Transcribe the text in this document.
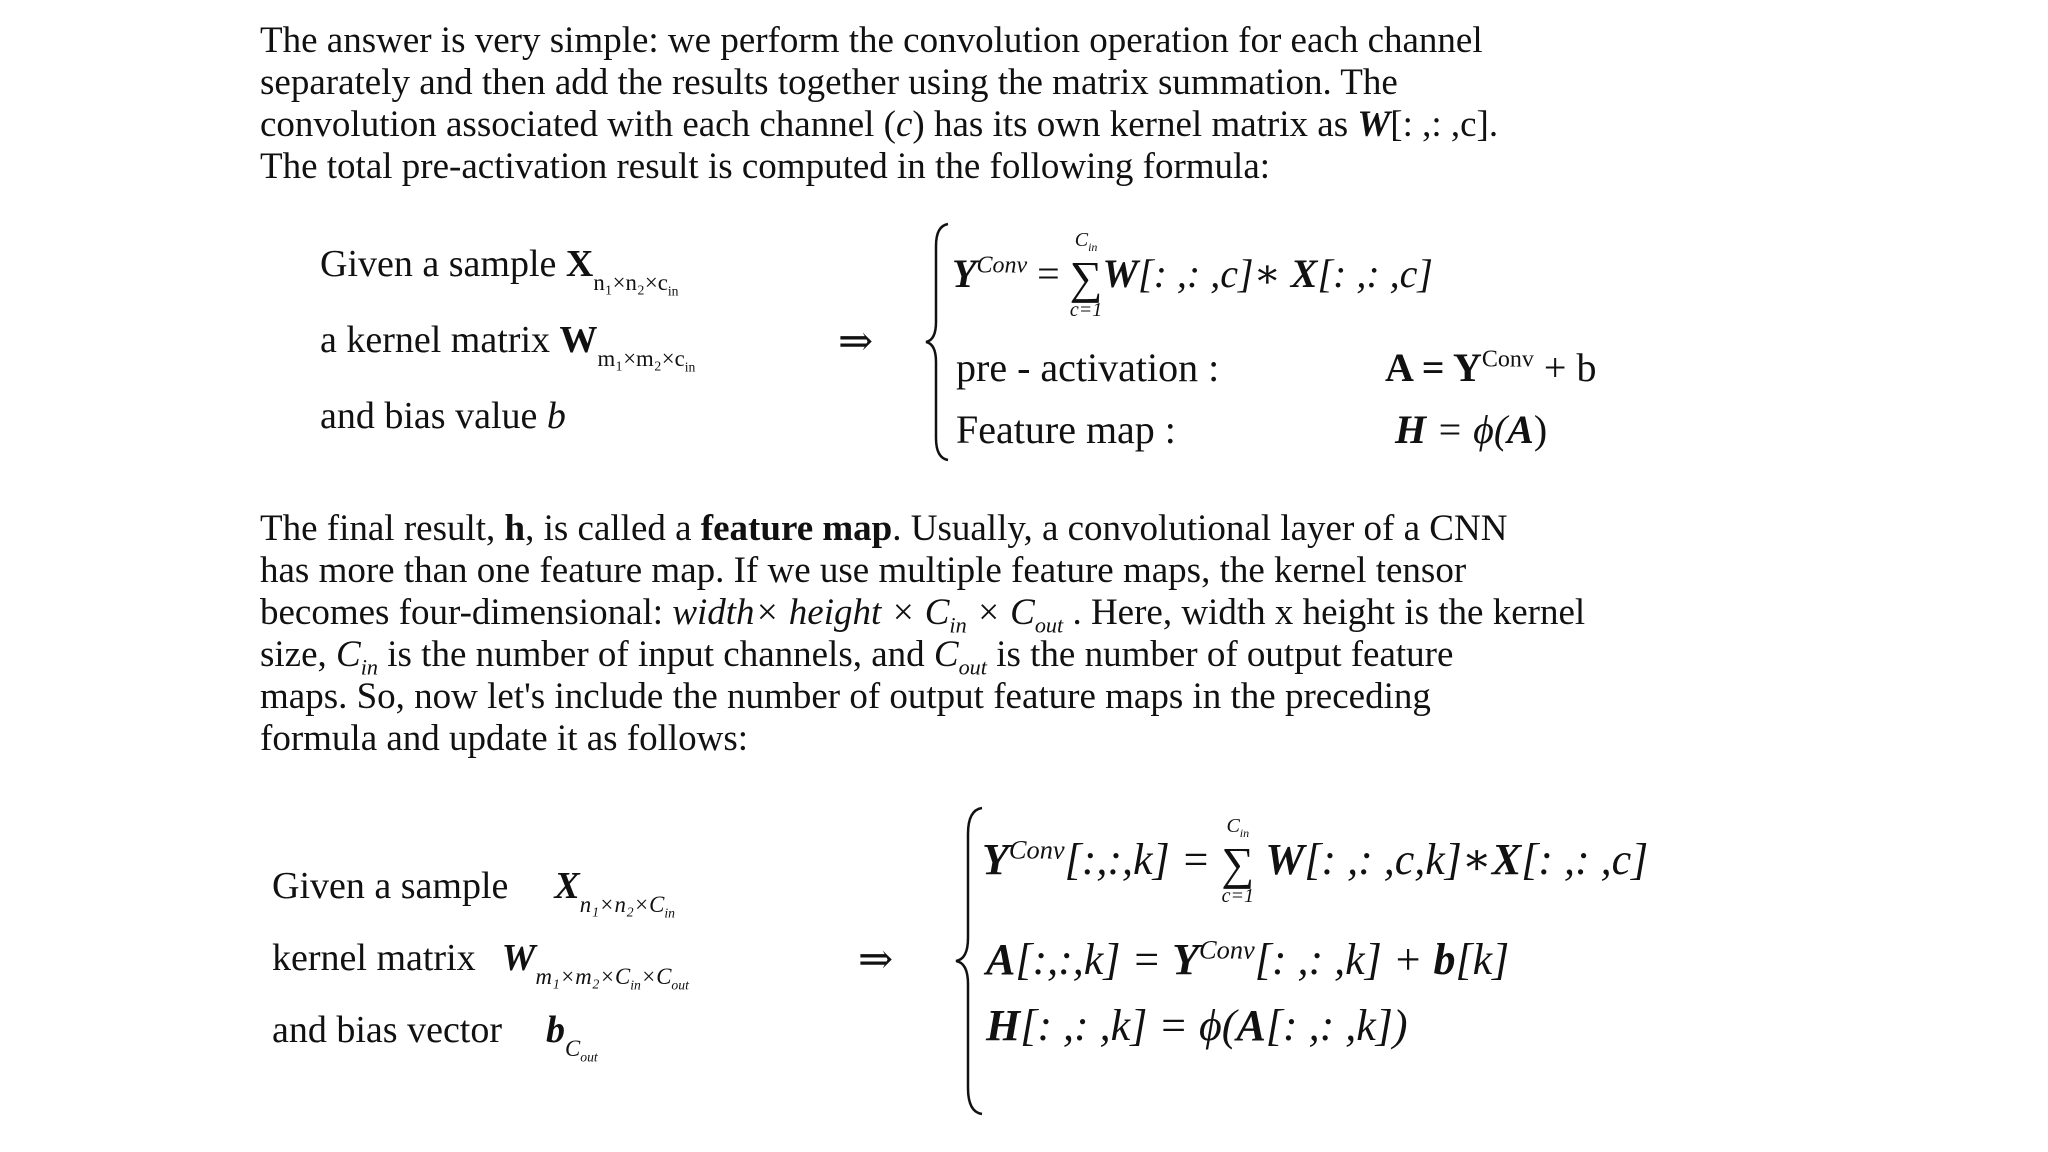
The answer is very simple: we perform the convolution operation for each channel
separately and then add the results together using the matrix summation. The
convolution associated with each channel (c) has its own kernel matrix as W[: ,: ,c].
The total pre-activation result is computed in the following formula:

Given a sample $X_{n_1\times n_2\times c_{in}}$
a kernel matrix $W_{m_1\times m_2\times c_{in}}$
and bias value b
⇒
$Y^{Conv}$ = ∑
$C_{in}$
c=1
W[: ,: ,c]∗ X[: ,: ,c]
pre - activation :	$A = Y^{Conv} + b$
Feature map :	H = ϕ(A)

The final result, h, is called a feature map. Usually, a convolutional layer of a CNN
has more than one feature map. If we use multiple feature maps, the kernel tensor
becomes four-dimensional: width× height × $C_{in} \times C_{out}$ . Here, width x height is the kernel
size, $C_{in}$ is the number of input channels, and $C_{out}$ is the number of output feature
maps. So, now let's include the number of output feature maps in the preceding
formula and update it as follows:

Given a sample $X_{n_1\times n_2\times C_{in}}$
kernel matrix $W_{m_1\times m_2\times C_{in}\times C_{out}}$
and bias vector $b_{C_{out}}$
⇒
$Y^{Conv}[:,:,k]$ = ∑
$C_{in}$
c=1
W[: ,: ,c,k]∗X[: ,: ,c]
A[:,:,k] = $Y^{Conv}$[: ,: ,k] + b[k]
H[: ,: ,k] = ϕ(A[: ,: ,k])
